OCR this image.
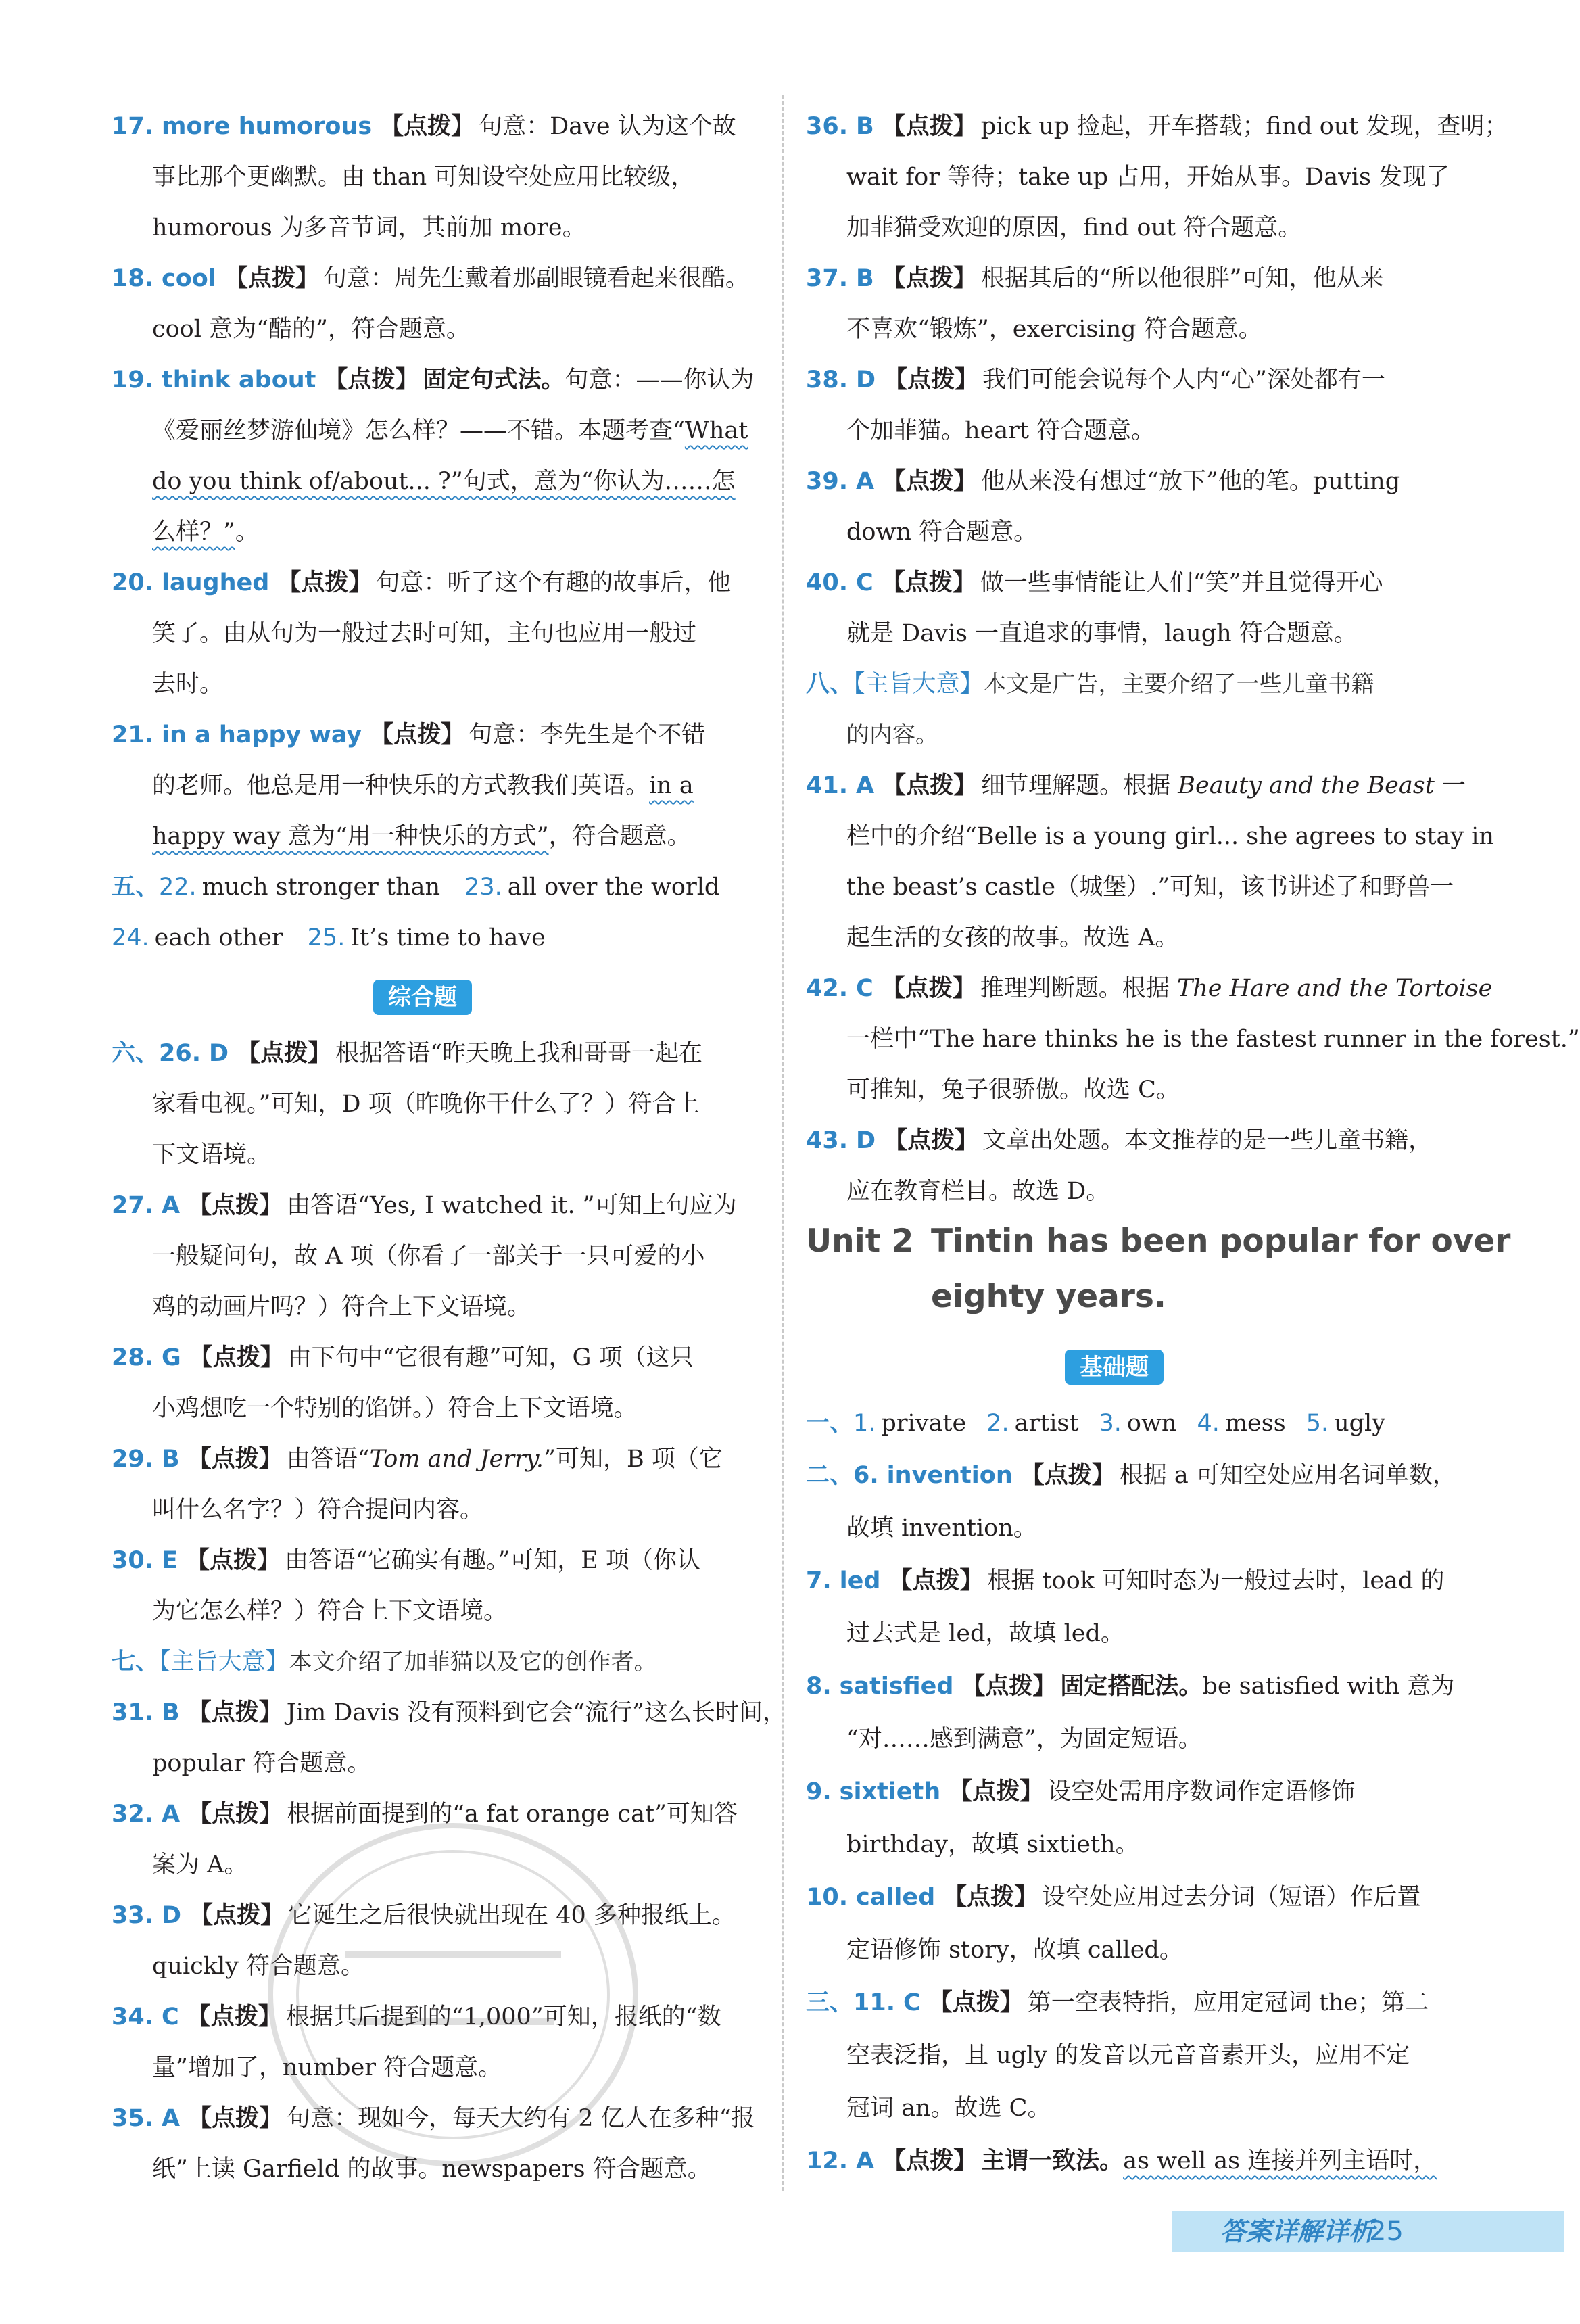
17. more humorous 【点拨】 句意：Dave 认为这个故
事比那个更幽默。由 than 可知设空处应用比较级，
humorous 为多音节词，其前加 more。
18. cool 【点拨】 句意：周先生戴着那副眼镜看起来很酷。
cool 意为“酷的”，符合题意。
19. think about 【点拨】 固定句式法。句意：——你认为
《爱丽丝梦游仙境》怎么样？——不错。本题考查“What
do you think of/about... ?”句式，意为“你认为……怎
么样？”。
20. laughed 【点拨】 句意：听了这个有趣的故事后，他
笑了。由从句为一般过去时可知，主句也应用一般过
去时。
21. in a happy way 【点拨】 句意：李先生是个不错
的老师。他总是用一种快乐的方式教我们英语。in a
happy way 意为“用一种快乐的方式”，符合题意。
五、22. much stronger than 23. all over the world
24. each other 25. It’s time to have
综合题
六、26. D 【点拨】 根据答语“昨天晚上我和哥哥一起在
家看电视。”可知，D 项（昨晚你干什么了？）符合上
下文语境。
27. A 【点拨】 由答语“Yes, I watched it. ”可知上句应为
一般疑问句，故 A 项（你看了一部关于一只可爱的小
鸡的动画片吗？）符合上下文语境。
28. G 【点拨】 由下句中“它很有趣”可知，G 项（这只
小鸡想吃一个特别的馅饼。）符合上下文语境。
29. B 【点拨】 由答语“Tom and Jerry.”可知，B 项（它
叫什么名字？）符合提问内容。
30. E 【点拨】 由答语“它确实有趣。”可知，E 项（你认
为它怎么样？）符合上下文语境。
七、【主旨大意】本文介绍了加菲猫以及它的创作者。
31. B 【点拨】 Jim Davis 没有预料到它会“流行”这么长时间，
popular 符合题意。
32. A 【点拨】 根据前面提到的“a fat orange cat”可知答
案为 A。
33. D 【点拨】 它诞生之后很快就出现在 40 多种报纸上。
quickly 符合题意。
34. C 【点拨】 根据其后提到的“1,000”可知，报纸的“数
量”增加了，number 符合题意。
35. A 【点拨】 句意：现如今，每天大约有 2 亿人在多种“报
纸”上读 Garfield 的故事。newspapers 符合题意。
36. B 【点拨】 pick up 捡起，开车搭载；find out 发现，查明；
wait for 等待；take up 占用，开始从事。Davis 发现了
加菲猫受欢迎的原因，find out 符合题意。
37. B 【点拨】 根据其后的“所以他很胖”可知，他从来
不喜欢“锻炼”，exercising 符合题意。
38. D 【点拨】 我们可能会说每个人内“心”深处都有一
个加菲猫。heart 符合题意。
39. A 【点拨】 他从来没有想过“放下”他的笔。putting
down 符合题意。
40. C 【点拨】 做一些事情能让人们“笑”并且觉得开心
就是 Davis 一直追求的事情，laugh 符合题意。
八、【主旨大意】本文是广告，主要介绍了一些儿童书籍
的内容。
41. A 【点拨】 细节理解题。根据 Beauty and the Beast 一
栏中的介绍“Belle is a young girl... she agrees to stay in
the beast’s castle（城堡）.”可知，该书讲述了和野兽一
起生活的女孩的故事。故选 A。
42. C 【点拨】 推理判断题。根据 The Hare and the Tortoise
一栏中“The hare thinks he is the fastest runner in the forest.”
可推知，兔子很骄傲。故选 C。
43. D 【点拨】 文章出处题。本文推荐的是一些儿童书籍，
应在教育栏目。故选 D。
Unit 2 Tintin has been popular for over
eighty years.
基础题
一、1. private 2. artist 3. own 4. mess 5. ugly
二、6. invention 【点拨】 根据 a 可知空处应用名词单数，
故填 invention。
7. led 【点拨】 根据 took 可知时态为一般过去时，lead 的
过去式是 led，故填 led。
8. satisfied 【点拨】 固定搭配法。be satisfied with 意为
“对……感到满意”，为固定短语。
9. sixtieth 【点拨】 设空处需用序数词作定语修饰
birthday，故填 sixtieth。
10. called 【点拨】 设空处应用过去分词（短语）作后置
定语修饰 story，故填 called。
三、11. C 【点拨】 第一空表特指，应用定冠词 the；第二
空表泛指，且 ugly 的发音以元音音素开头，应用不定
冠词 an。故选 C。
12. A 【点拨】 主谓一致法。as well as 连接并列主语时，
答案详解详析
25
